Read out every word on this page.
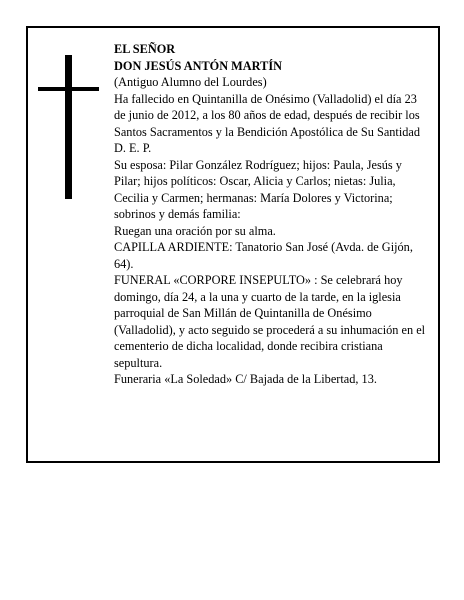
EL SEÑOR

DON JESÚS ANTÓN MARTÍN

(Antiguo Alumno del Lourdes)

Ha fallecido en Quintanilla de Onésimo (Valladolid) el día 23 de junio de 2012, a los 80 años de edad, después de recibir los Santos Sacramentos y la Bendición Apostólica de Su Santidad

D. E. P.

Su esposa: Pilar González Rodríguez; hijos: Paula, Jesús y Pilar; hijos políticos: Oscar, Alicia y Carlos; nietas: Julia, Cecilia y Carmen; hermanas: María Dolores y Victorina; sobrinos y demás familia:

Ruegan una oración por su alma.

CAPILLA ARDIENTE: Tanatorio San José (Avda. de Gijón, 64).

FUNERAL «CORPORE INSEPULTO» : Se celebrará hoy domingo, día 24, a la una y cuarto de la tarde, en la iglesia parroquial de San Millán de Quintanilla de Onésimo (Valladolid), y acto seguido se procederá a su inhumación en el cementerio de dicha localidad, donde recibira cristiana sepultura.

Funeraria «La Soledad» C/ Bajada de la Libertad, 13.
